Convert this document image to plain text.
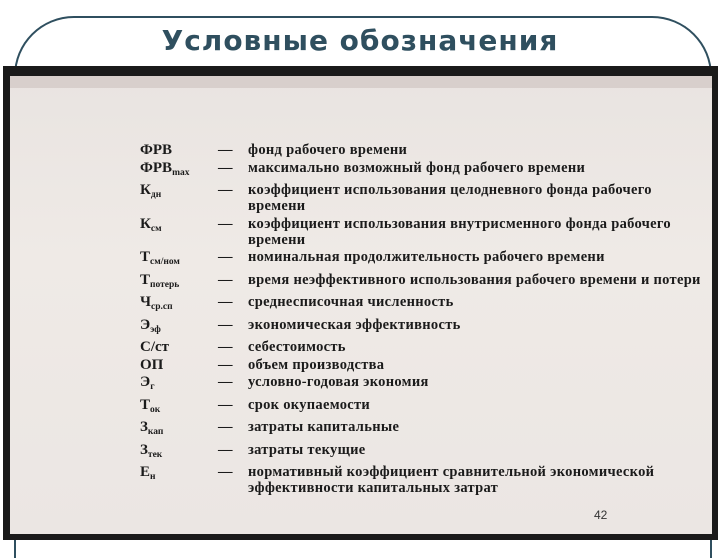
Условные обозначения
ФРВ	—	фонд рабочего времени
$ФРВ_{max}$	—	максимально возможный фонд рабочего времени
$К_{дн}$	—	коэффициент использования целодневного фонда рабочего времени
$К_{см}$	—	коэффициент использования внутрисменного фонда рабочего времени
$Т_{см/ном}$	—	номинальная продолжительность рабочего времени
$Т_{потерь}$	—	время неэффективного использования рабочего времени и потери
$Ч_{ср.сп}$	—	среднесписочная численность
$Э_{эф}$	—	экономическая эффективность
С/ст	—	себестоимость
ОП	—	объем производства
$Э_г$	—	условно-годовая экономия
$Т_{ок}$	—	срок окупаемости
$З_{кап}$	—	затраты капитальные
$З_{тек}$	—	затраты текущие
$Е_н$	—	нормативный коэффициент сравнительной экономической эффективности капитальных затрат
42
